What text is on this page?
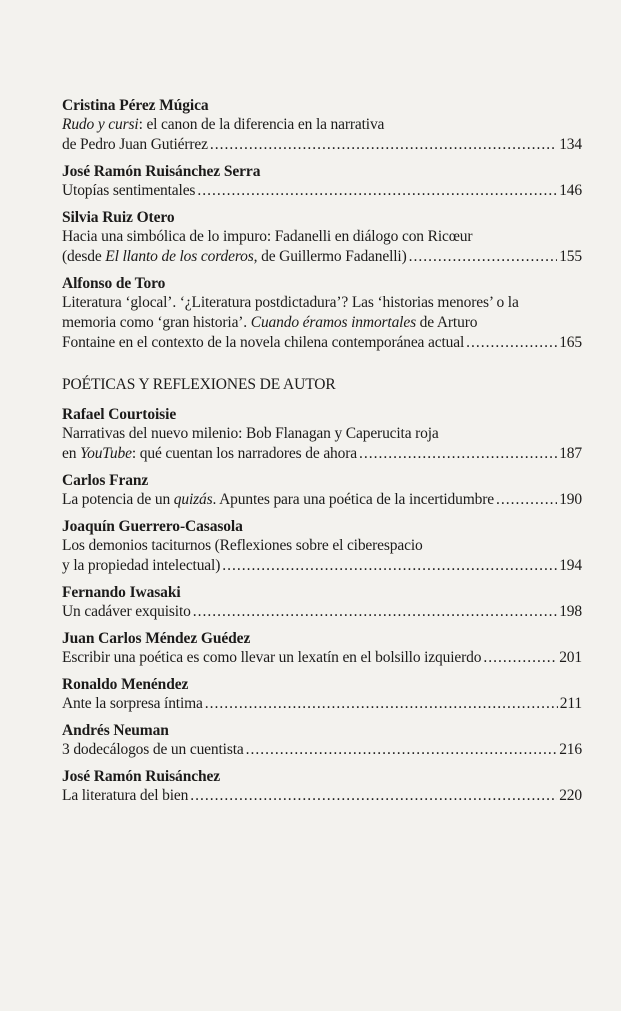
Cristina Pérez Múgica
Rudo y cursi: el canon de la diferencia en la narrativa
de Pedro Juan Gutiérrez .....	134
José Ramón Ruisánchez Serra
Utopías sentimentales .....	146
Silvia Ruiz Otero
Hacia una simbólica de lo impuro: Fadanelli en diálogo con Ricœur
(desde El llanto de los corderos, de Guillermo Fadanelli) .....	155
Alfonso de Toro
Literatura ‘glocal’. ‘¿Literatura postdictadura’? Las ‘historias menores’ o la
memoria como ‘gran historia’. Cuando éramos inmortales de Arturo
Fontaine en el contexto de la novela chilena contemporánea actual .....	165
POÉTICAS Y REFLEXIONES DE AUTOR
Rafael Courtoisie
Narrativas del nuevo milenio: Bob Flanagan y Caperucita roja
en YouTube: qué cuentan los narradores de ahora .....	187
Carlos Franz
La potencia de un quizás. Apuntes para una poética de la incertidumbre .....	190
Joaquín Guerrero-Casasola
Los demonios taciturnos (Reflexiones sobre el ciberespacio
y la propiedad intelectual) .....	194
Fernando Iwasaki
Un cadáver exquisito .....	198
Juan Carlos Méndez Guédez
Escribir una poética es como llevar un lexatín en el bolsillo izquierdo .....	201
Ronaldo Menéndez
Ante la sorpresa íntima .....	211
Andrés Neuman
3 dodecálogos de un cuentista .....	216
José Ramón Ruisánchez
La literatura del bien .....	220
